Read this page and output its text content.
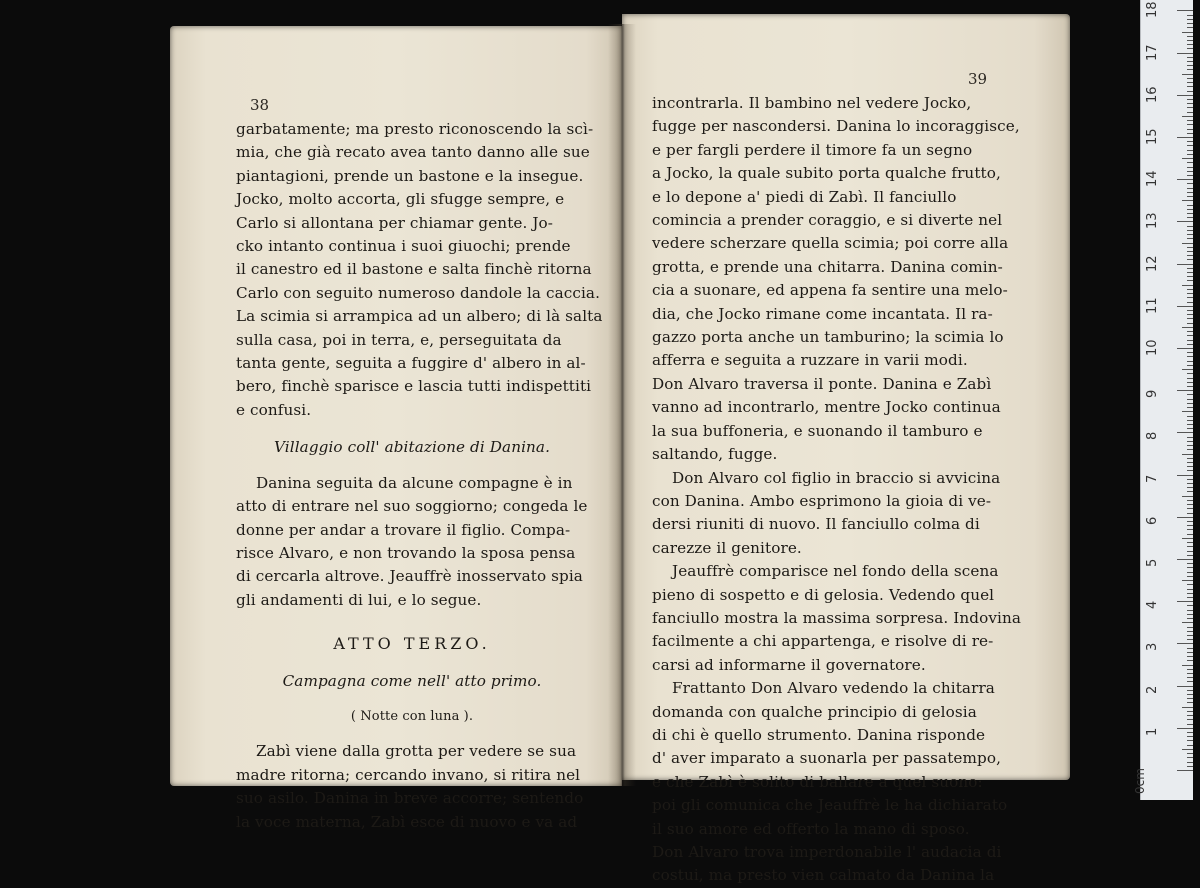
38
garbatamente; ma presto riconoscendo la scì-
mia, che già recato avea tanto danno alle sue
piantagioni, prende un bastone e la insegue.
Jocko, molto accorta, gli sfugge sempre, e
Carlo si allontana per chiamar gente. Jo-
cko intanto continua i suoi giuochi; prende
il canestro ed il bastone e salta finchè ritorna
Carlo con seguito numeroso dandole la caccia.
La scimia si arrampica ad un albero; di là salta
sulla casa, poi in terra, e, perseguitata da
tanta gente, seguita a fuggire d' albero in al-
bero, finchè sparisce e lascia tutti indispettiti
e confusi.
Villaggio coll' abitazione di Danina.
Danina seguita da alcune compagne è in
atto di entrare nel suo soggiorno; congeda le
donne per andar a trovare il figlio. Compa-
risce Alvaro, e non trovando la sposa pensa
di cercarla altrove. Jeauffrè inosservato spia
gli andamenti di lui, e lo segue.
ATTO TERZO.
Campagna come nell' atto primo.
( Notte con luna ).
Zabì viene dalla grotta per vedere se sua
madre ritorna; cercando invano, si ritira nel
suo asilo. Danina in breve accorre; sentendo
la voce materna, Zabì esce di nuovo e va ad
39
incontrarla. Il bambino nel vedere Jocko,
fugge per nascondersi. Danina lo incoraggisce,
e per fargli perdere il timore fa un segno
a Jocko, la quale subito porta qualche frutto,
e lo depone a' piedi di Zabì. Il fanciullo
comincia a prender coraggio, e si diverte nel
vedere scherzare quella scimia; poi corre alla
grotta, e prende una chitarra. Danina comin-
cia a suonare, ed appena fa sentire una melo-
dia, che Jocko rimane come incantata. Il ra-
gazzo porta anche un tamburino; la scimia lo
afferra e seguita a ruzzare in varii modi.
Don Alvaro traversa il ponte. Danina e Zabì
vanno ad incontrarlo, mentre Jocko continua
la sua buffoneria, e suonando il tamburo e
saltando, fugge.
Don Alvaro col figlio in braccio si avvicina
con Danina. Ambo esprimono la gioia di ve-
dersi riuniti di nuovo. Il fanciullo colma di
carezze il genitore.
Jeauffrè comparisce nel fondo della scena
pieno di sospetto e di gelosia. Vedendo quel
fanciullo mostra la massima sorpresa. Indovina
facilmente a chi appartenga, e risolve di re-
carsi ad informarne il governatore.
Frattanto Don Alvaro vedendo la chitarra
domanda con qualche principio di gelosia
di chi è quello strumento. Danina risponde
d' aver imparato a suonarla per passatempo,
e che Zabì è solito di ballare a quel suono:
poi gli comunica che Jeauffrè le ha dichiarato
il suo amore ed offerto la mano di sposo.
Don Alvaro trova imperdonabile l' audacia di
costui, ma presto vien calmato da Danina la
0cm
1
2
3
4
5
6
7
8
9
10
11
12
13
14
15
16
17
18
